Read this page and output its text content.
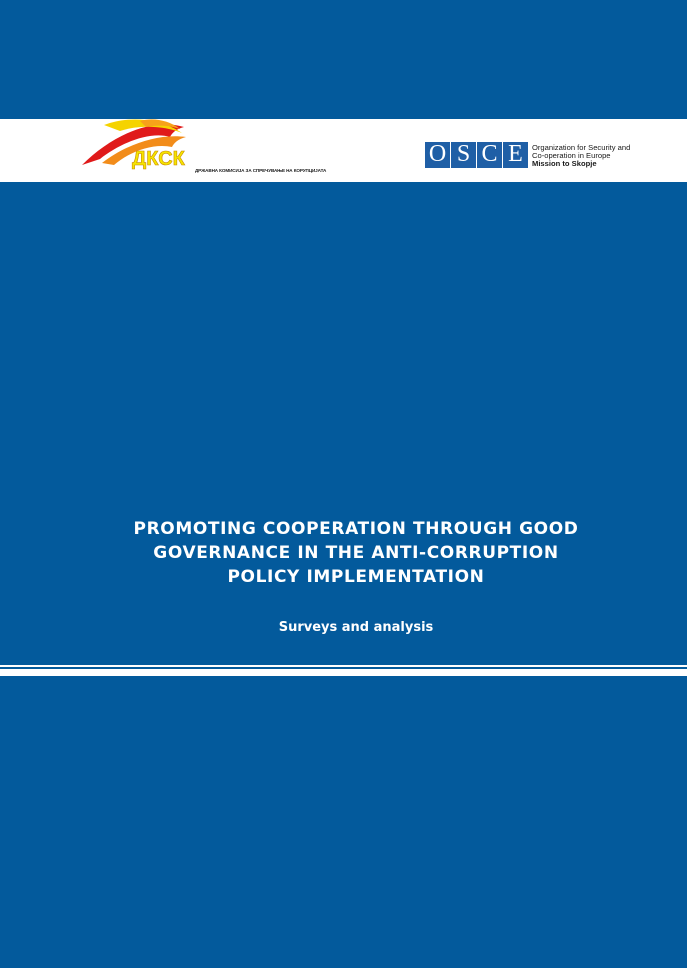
ДКСК
ДРЖАВНА КОМИСИЈА ЗА СПРЕЧУВАЊЕ НА КОРУПЦИЈАТА
O S C E	Organization for Security and
Co-operation in Europe
Mission to Skopje
PROMOTING COOPERATION THROUGH GOOD
GOVERNANCE IN THE ANTI-CORRUPTION
POLICY IMPLEMENTATION
Surveys and analysis
